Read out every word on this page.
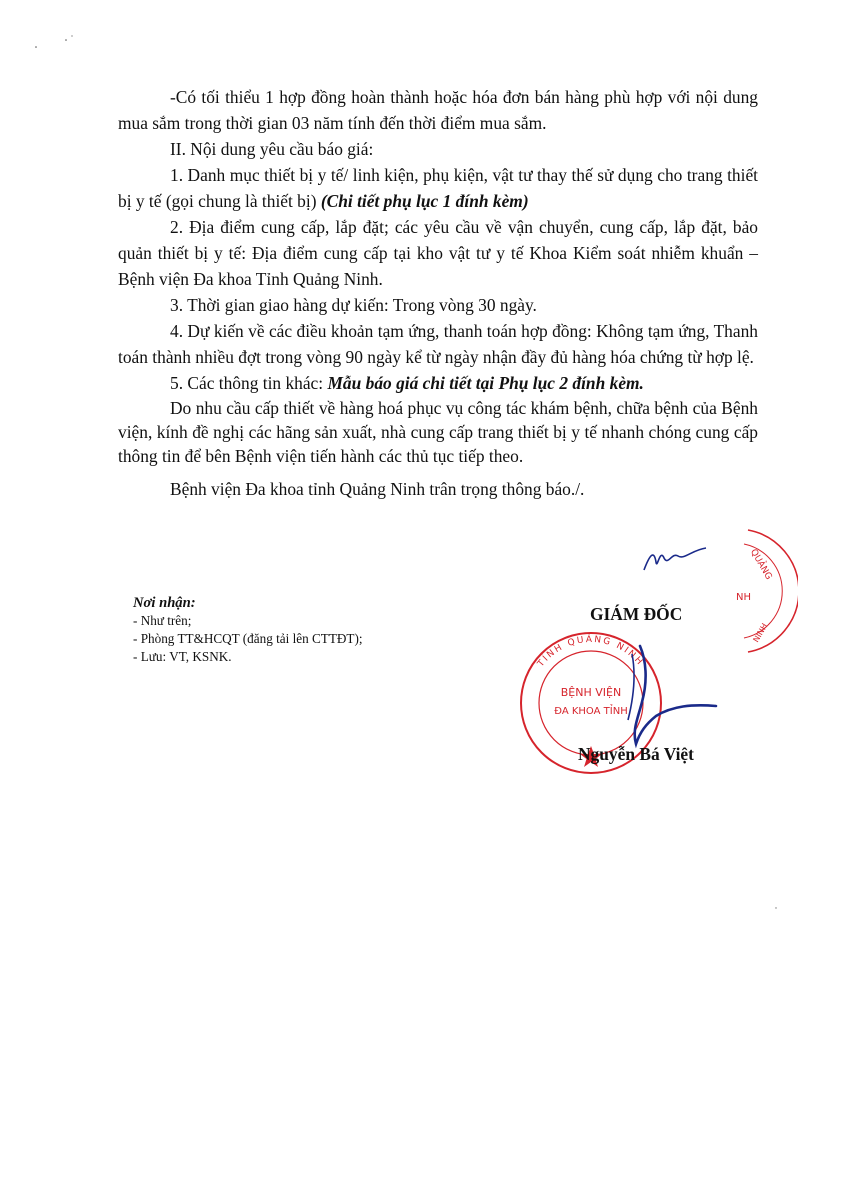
-Có tối thiểu 1 hợp đồng hoàn thành hoặc hóa đơn bán hàng phù hợp với nội dung mua sắm trong thời gian 03 năm tính đến thời điểm mua sắm.

II. Nội dung yêu cầu báo giá:

1. Danh mục thiết bị y tế/ linh kiện, phụ kiện, vật tư thay thế sử dụng cho trang thiết bị y tế (gọi chung là thiết bị) (Chi tiết phụ lục 1 đính kèm)

2. Địa điểm cung cấp, lắp đặt; các yêu cầu về vận chuyển, cung cấp, lắp đặt, bảo quản thiết bị y tế: Địa điểm cung cấp tại kho vật tư y tế Khoa Kiểm soát nhiễm khuẩn – Bệnh viện Đa khoa Tỉnh Quảng Ninh.

3. Thời gian giao hàng dự kiến: Trong vòng 30 ngày.

4. Dự kiến về các điều khoản tạm ứng, thanh toán hợp đồng: Không tạm ứng, Thanh toán thành nhiều đợt trong vòng 90 ngày kể từ ngày nhận đầy đủ hàng hóa chứng từ hợp lệ.

5. Các thông tin khác: Mẫu báo giá chi tiết tại Phụ lục 2 đính kèm.

Do nhu cầu cấp thiết về hàng hoá phục vụ công tác khám bệnh, chữa bệnh của Bệnh viện, kính đề nghị các hãng sản xuất, nhà cung cấp trang thiết bị y tế nhanh chóng cung cấp thông tin để bên Bệnh viện tiến hành các thủ tục tiếp theo.

Bệnh viện Đa khoa tỉnh Quảng Ninh trân trọng thông báo./.

Nơi nhận:
- Như trên;
- Phòng TT&HCQT (đăng tải lên CTTĐT);
- Lưu: VT, KSNK.
QUẢNG
NH
NINH
GIÁM ĐỐC
TỈNH QUẢNG NINH
BỆNH VIỆN
ĐA KHOA TỈNH
Nguyễn Bá Việt
